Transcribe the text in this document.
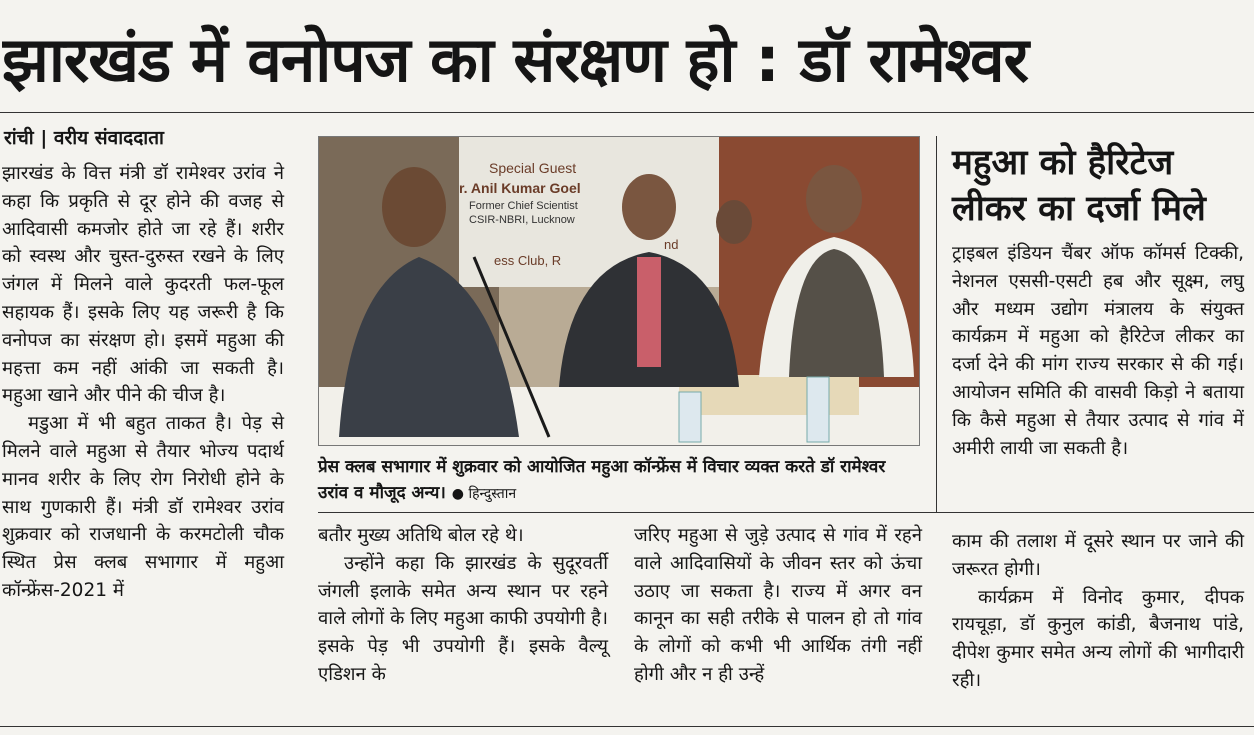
झारखंड में वनोपज का संरक्षण हो : डॉ रामेश्वर
रांची | वरीय संवाददाता

झारखंड के वित्त मंत्री डॉ रामेश्वर उरांव ने कहा कि प्रकृति से दूर होने की वजह से आदिवासी कमजोर होते जा रहे हैं। शरीर को स्वस्थ और चुस्त-दुरुस्त रखने के लिए जंगल में मिलने वाले कुदरती फल-फूल सहायक हैं। इसके लिए यह जरूरी है कि वनोपज का संरक्षण हो। इसमें महुआ की महत्ता कम नहीं आंकी जा सकती है। महुआ खाने और पीने की चीज है।

मडुआ में भी बहुत ताकत है। पेड़ से मिलने वाले महुआ से तैयार भोज्य पदार्थ मानव शरीर के लिए रोग निरोधी होने के साथ गुणकारी हैं। मंत्री डॉ रामेश्वर उरांव शुक्रवार को राजधानी के करमटोली चौक स्थित प्रेस क्लब सभागार में महुआ कॉन्फ्रेंस-2021 में

Special Guest
r. Anil Kumar Goel
Former Chief Scientist
CSIR-NBRI, Lucknow
ess Club, R
nd
प्रेस क्लब सभागार में शुक्रवार को आयोजित महुआ कॉन्फ्रेंस में विचार व्यक्त करते डॉ रामेश्वर उरांव व मौजूद अन्य। ● हिन्दुस्तान

बतौर मुख्य अतिथि बोल रहे थे।

उन्होंने कहा कि झारखंड के सुदूरवर्ती जंगली इलाके समेत अन्य स्थान पर रहने वाले लोगों के लिए महुआ काफी उपयोगी है। इसके पेड़ भी उपयोगी हैं। इसके वैल्यू एडिशन के

जरिए महुआ से जुड़े उत्पाद से गांव में रहने वाले आदिवासियों के जीवन स्तर को ऊंचा उठाए जा सकता है। राज्य में अगर वन कानून का सही तरीके से पालन हो तो गांव के लोगों को कभी भी आर्थिक तंगी नहीं होगी और न ही उन्हें

महुआ को हैरिटेज लीकर का दर्जा मिले
ट्राइबल इंडियन चैंबर ऑफ कॉमर्स टिक्की, नेशनल एससी-एसटी हब और सूक्ष्म, लघु और मध्यम उद्योग मंत्रालय के संयुक्त कार्यक्रम में महुआ को हैरिटेज लीकर का दर्जा देने की मांग राज्य सरकार से की गई। आयोजन समिति की वासवी किड़ो ने बताया कि कैसे महुआ से तैयार उत्पाद से गांव में अमीरी लायी जा सकती है।

काम की तलाश में दूसरे स्थान पर जाने की जरूरत होगी।

कार्यक्रम में विनोद कुमार, दीपक रायचूड़ा, डॉ कुनुल कांडी, बैजनाथ पांडे, दीपेश कुमार समेत अन्य लोगों की भागीदारी रही।
